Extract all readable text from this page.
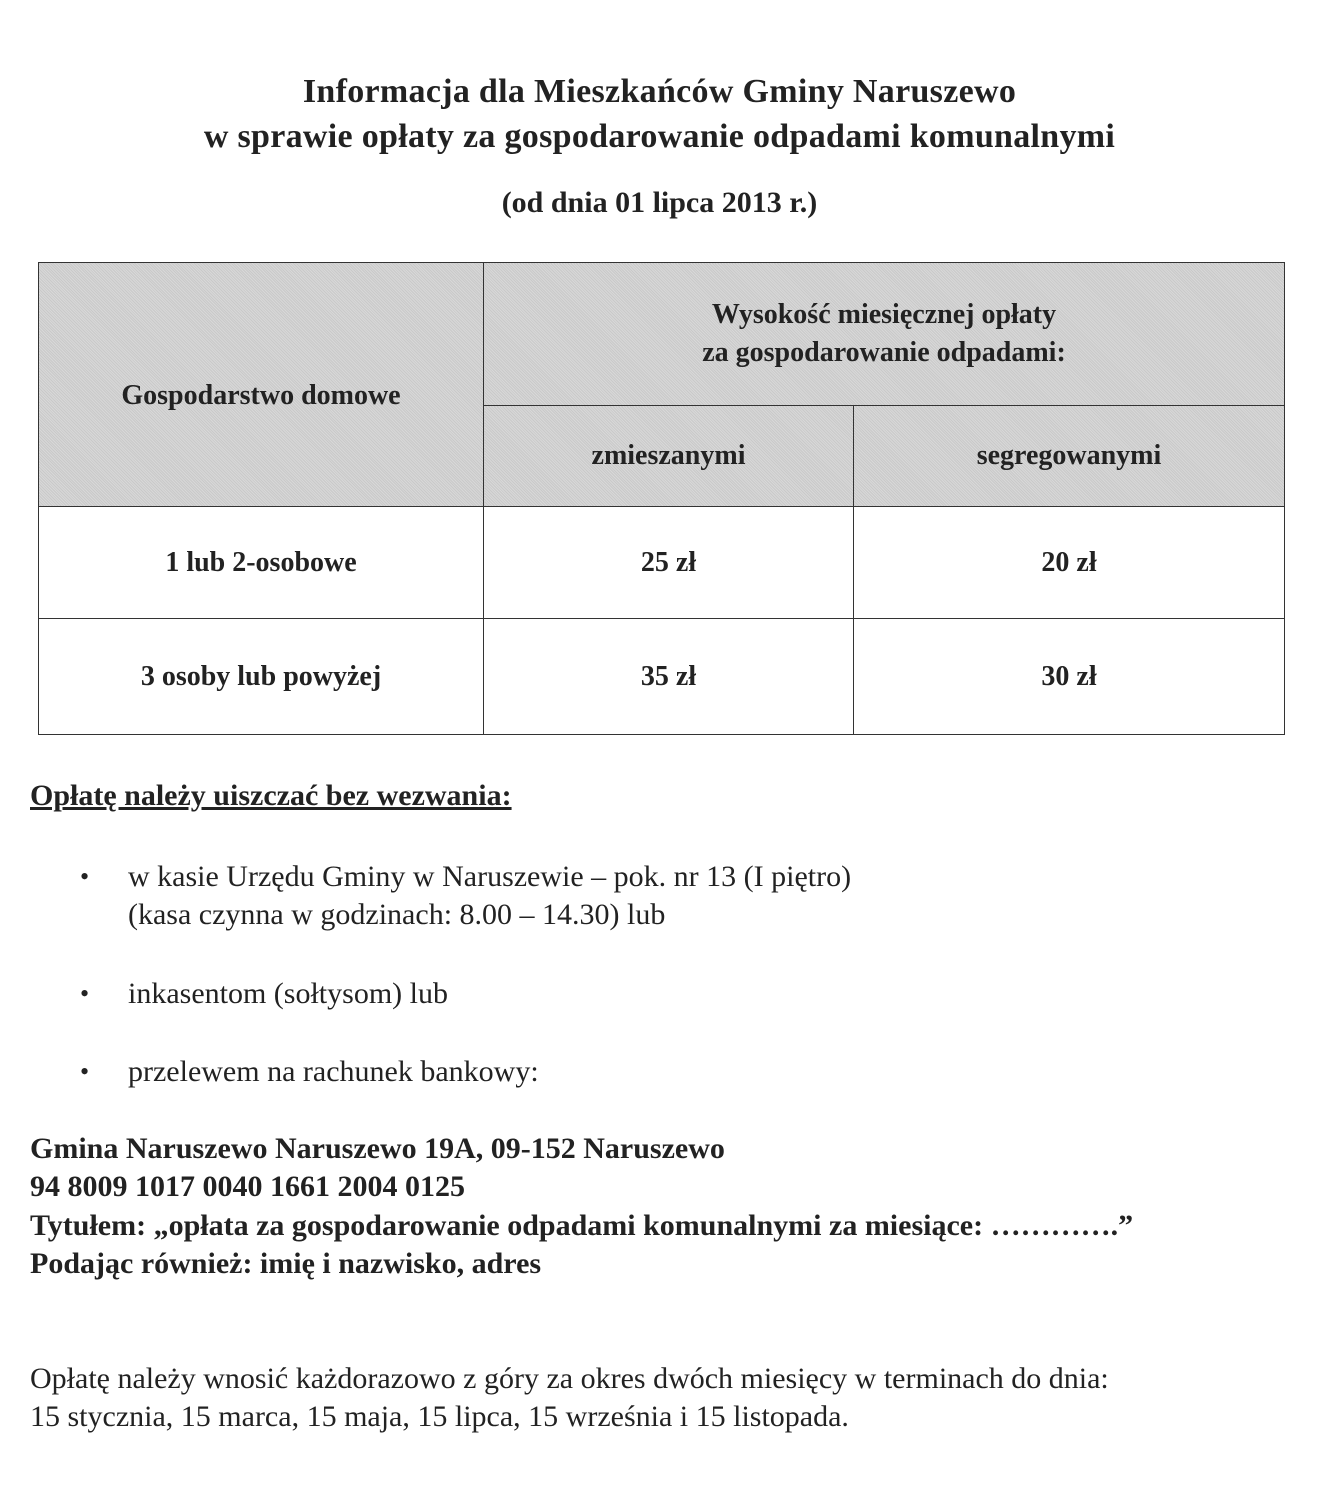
Informacja dla Mieszkańców Gminy Naruszewo
w sprawie opłaty za gospodarowanie odpadami komunalnymi
(od dnia 01 lipca 2013 r.)
Gospodarstwo domowe	Wysokość miesięcznej opłaty
za gospodarowanie odpadami:	

	zmieszanymi	segregowanymi
1 lub 2-osobowe	25 zł	20 zł
3 osoby lub powyżej	35 zł	30 zł
Opłatę należy uiszczać bez wezwania:
•	w kasie Urzędu Gminy w Naruszewie – pok. nr 13 (I piętro)
(kasa czynna w godzinach: 8.00 – 14.30) lub
•	inkasentom (sołtysom) lub
•	przelewem na rachunek bankowy:
Gmina Naruszewo Naruszewo 19A, 09-152 Naruszewo
94 8009 1017 0040 1661 2004 0125
Tytułem: „opłata za gospodarowanie odpadami komunalnymi za miesiące: ………….”
Podając również: imię i nazwisko, adres
Opłatę należy wnosić każdorazowo z góry za okres dwóch miesięcy w terminach do dnia:
15 stycznia, 15 marca, 15 maja, 15 lipca, 15 września i 15 listopada.
